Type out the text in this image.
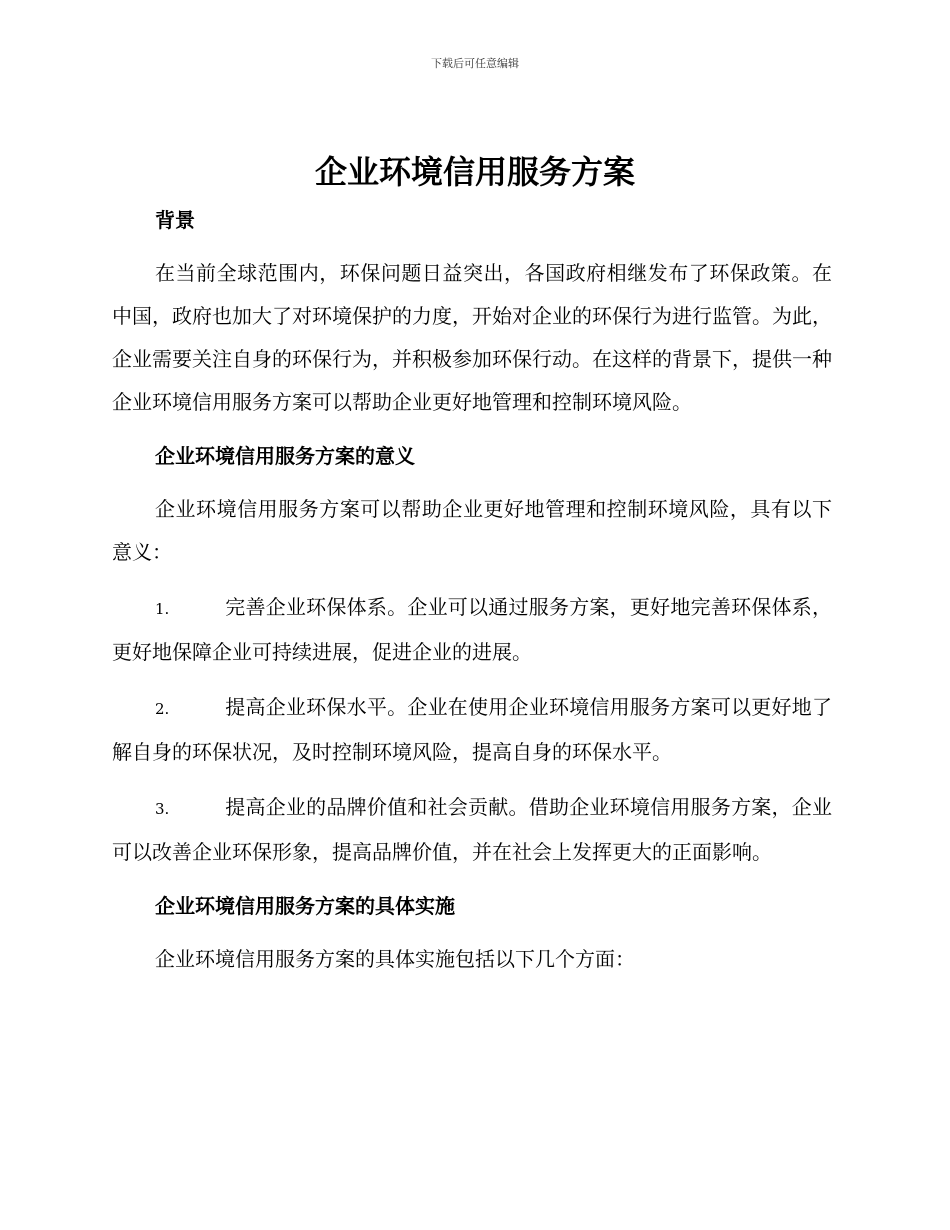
下载后可任意编辑
企业环境信用服务方案
背景

在当前全球范围内，环保问题日益突出，各国政府相继发布了环保政策。在中国，政府也加大了对环境保护的力度，开始对企业的环保行为进行监管。为此，企业需要关注自身的环保行为，并积极参加环保行动。在这样的背景下，提供一种企业环境信用服务方案可以帮助企业更好地管理和控制环境风险。

企业环境信用服务方案的意义

企业环境信用服务方案可以帮助企业更好地管理和控制环境风险，具有以下意义：

1.	完善企业环保体系。企业可以通过服务方案，更好地完善环保体系，更好地保障企业可持续进展，促进企业的进展。

2.	提高企业环保水平。企业在使用企业环境信用服务方案可以更好地了解自身的环保状况，及时控制环境风险，提高自身的环保水平。

3.	提高企业的品牌价值和社会贡献。借助企业环境信用服务方案，企业可以改善企业环保形象，提高品牌价值，并在社会上发挥更大的正面影响。

企业环境信用服务方案的具体实施

企业环境信用服务方案的具体实施包括以下几个方面：
